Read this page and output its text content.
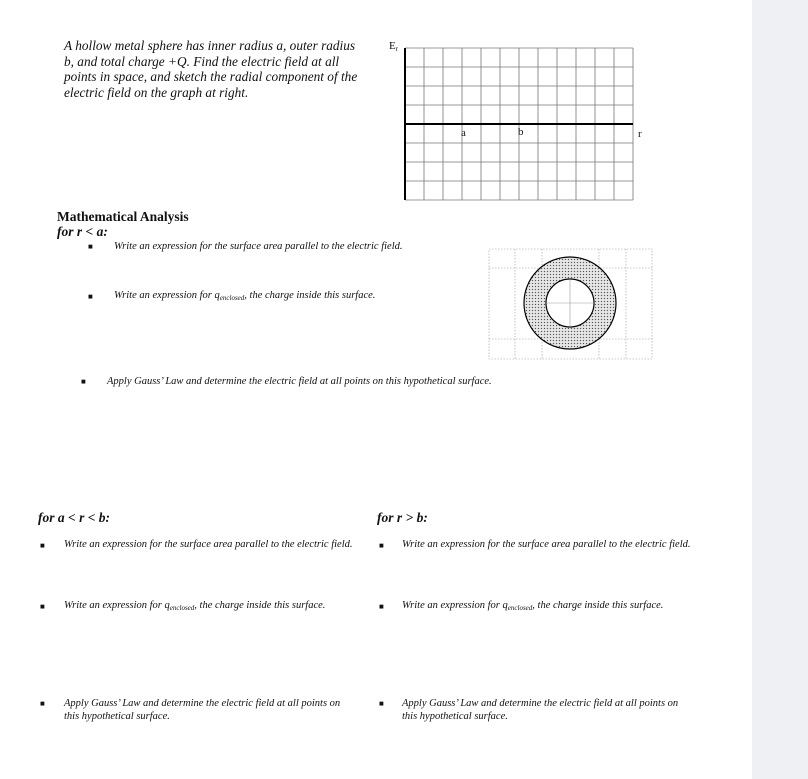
A hollow metal sphere has inner radius a, outer radius
b, and total charge +Q. Find the electric field at all
points in space, and sketch the radial component of the
electric field on the graph at right.
$E_r$
a	b	r
Mathematical Analysis
for r < a:
■ Write an expression for the surface area parallel to the electric field.
■ Write an expression for $q_{enclosed}$, the charge inside this surface.
■ Apply Gauss’ Law and determine the electric field at all points on this hypothetical surface.
for a < r < b:
■ Write an expression for the surface area parallel to the electric field.
■ Write an expression for $q_{enclosed}$, the charge inside this surface.
■ Apply Gauss’ Law and determine the electric field at all points on
this hypothetical surface.
for r > b:
■ Write an expression for the surface area parallel to the electric field.
■ Write an expression for $q_{enclosed}$, the charge inside this surface.
■ Apply Gauss’ Law and determine the electric field at all points on
this hypothetical surface.
